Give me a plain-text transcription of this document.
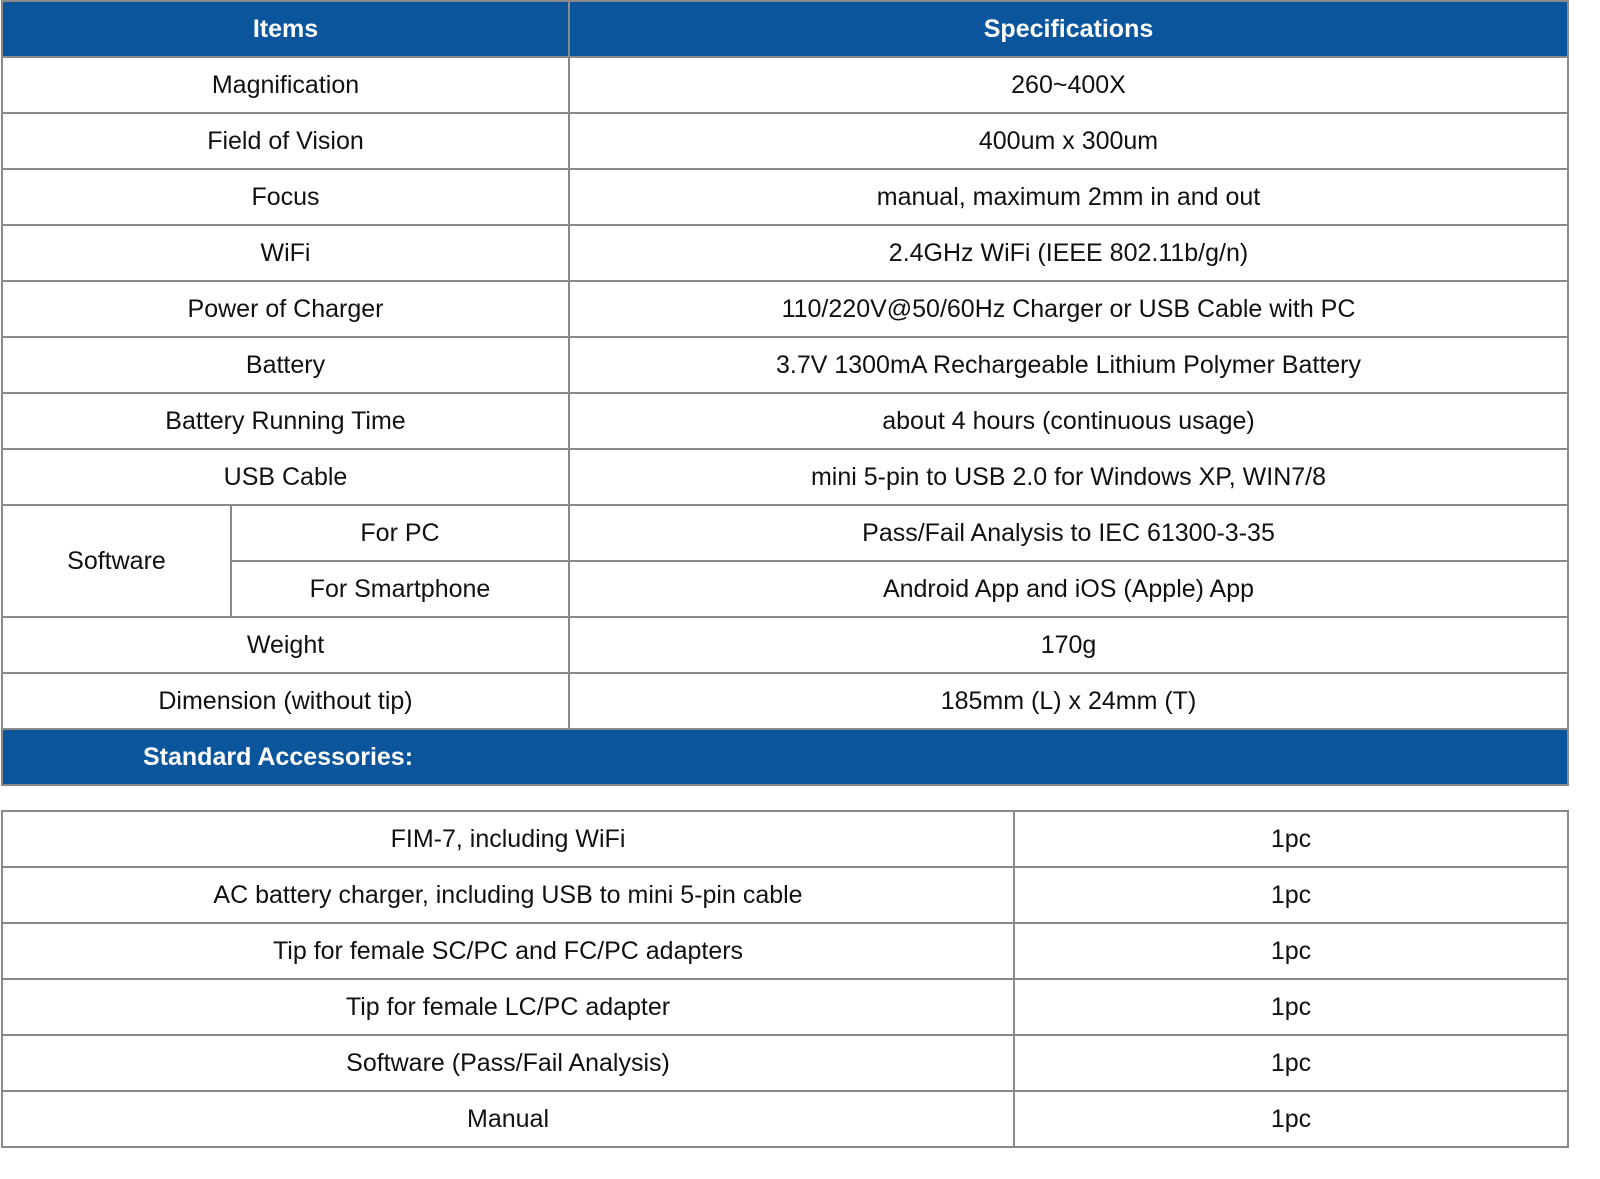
Items		Specifications
Magnification		260~400X
Field of Vision		400um x 300um
Focus		manual, maximum 2mm in and out
WiFi		2.4GHz WiFi (IEEE 802.11b/g/n)
Power of Charger		110/220V@50/60Hz Charger or USB Cable with PC
Battery		3.7V 1300mA Rechargeable Lithium Polymer Battery
Battery Running Time		about 4 hours (continuous usage)
USB Cable		mini 5-pin to USB 2.0 for Windows XP, WIN7/8
Software	For PC	Pass/Fail Analysis to IEC 61300-3-35
	For Smartphone	Android App and iOS (Apple) App
Weight		170g
Dimension (without tip)		185mm (L) x 24mm (T)
Standard Accessories:		
FIM-7, including WiFi	1pc
AC battery charger, including USB to mini 5-pin cable	1pc
Tip for female SC/PC and FC/PC adapters	1pc
Tip for female LC/PC adapter	1pc
Software (Pass/Fail Analysis)	1pc
Manual	1pc
